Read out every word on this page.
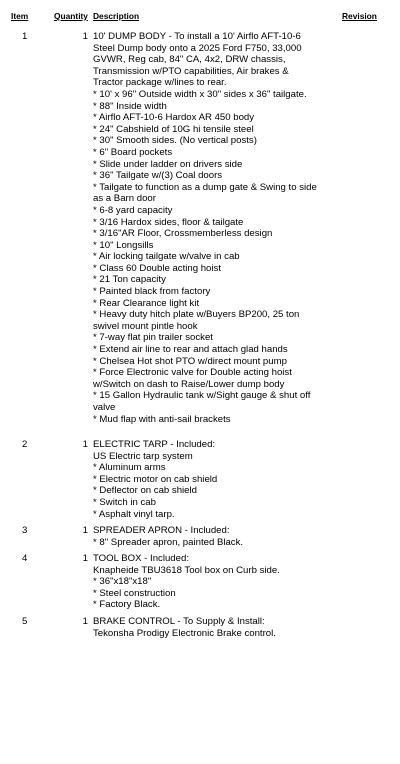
Item	Quantity Description	Revision
1	1 10' DUMP BODY - To install a 10' Airflo AFT-10-6
Steel Dump body onto a 2025 Ford F750, 33,000
GVWR, Reg cab, 84" CA, 4x2, DRW chassis,
Transmission w/PTO capabilities, Air brakes &
Tractor package w/lines to rear.
* 10' x 96" Outside width x 30" sides x 36" tailgate.
* 88" Inside width
* Airflo AFT-10-6 Hardox AR 450 body
* 24" Cabshield of 10G hi tensile steel
* 30" Smooth sides. (No vertical posts)
* 6" Board pockets
* Slide under ladder on drivers side
* 36" Tailgate w/(3) Coal doors
* Tailgate to function as a dump gate & Swing to side
as a Barn door
* 6-8 yard capacity
* 3/16 Hardox sides, floor & tailgate
* 3/16"AR Floor, Crossmemberless design
* 10" Longsills
* Air locking tailgate w/valve in cab
* Class 60 Double acting hoist
* 21 Ton capacity
* Painted black from factory
* Rear Clearance light kit
* Heavy duty hitch plate w/Buyers BP200, 25 ton
swivel mount pintle hook
* 7-way flat pin trailer socket
* Extend air line to rear and attach glad hands
* Chelsea Hot shot PTO w/direct mount pump
* Force Electronic valve for Double acting hoist
w/Switch on dash to Raise/Lower dump body
* 15 Gallon Hydraulic tank w/Sight gauge & shut off
valve
* Mud flap with anti-sail brackets
2	1 ELECTRIC TARP - Included:
US Electric tarp system
* Aluminum arms
* Electric motor on cab shield
* Deflector on cab shield
* Switch in cab
* Asphalt vinyl tarp.
3	1 SPREADER APRON - Included:
* 8" Spreader apron, painted Black.
4	1 TOOL BOX - Included:
Knapheide TBU3618 Tool box on Curb side.
* 36"x18"x18"
* Steel construction
* Factory Black.
5	1 BRAKE CONTROL - To Supply & Install:
Tekonsha Prodigy Electronic Brake control.
